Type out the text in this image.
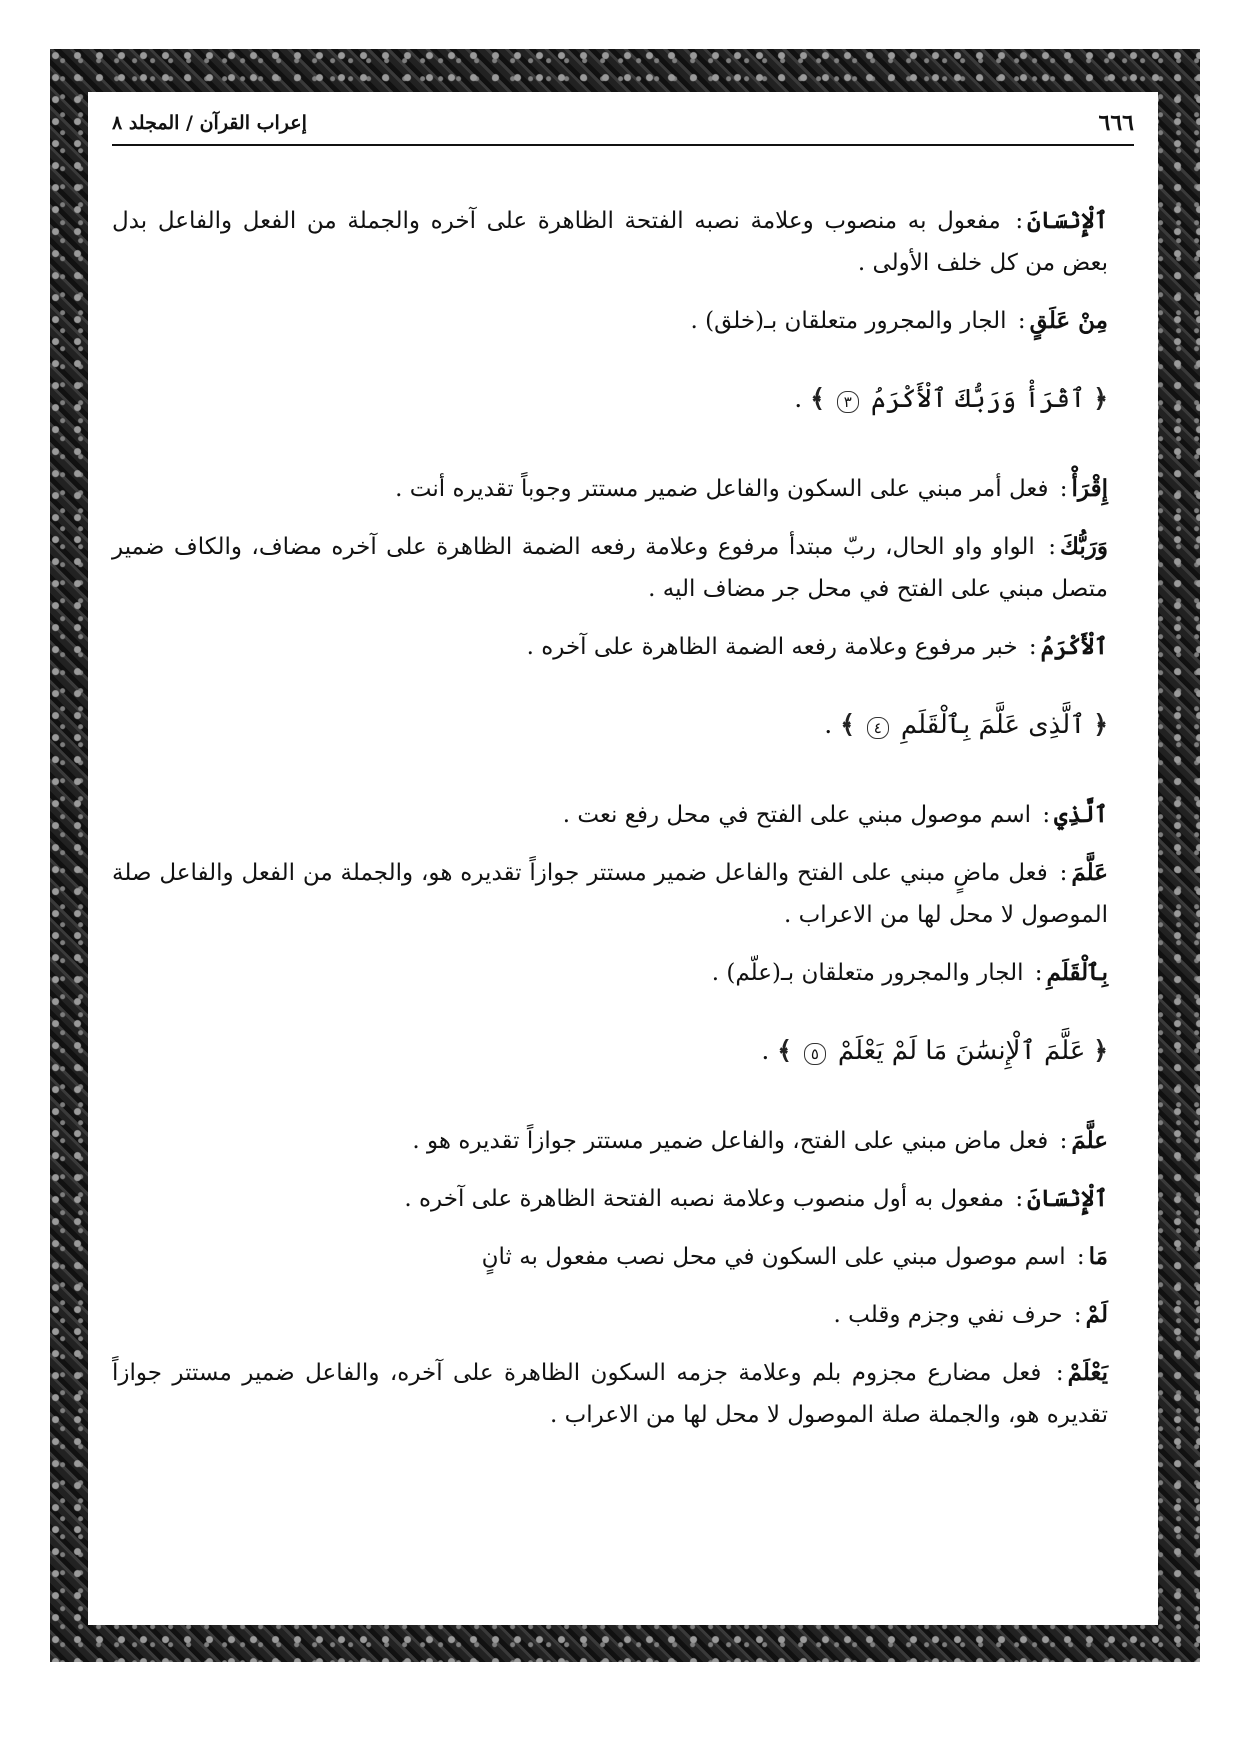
٦٦٦
إعراب القرآن / المجلد ٨

ٱلْإِنْسَانَ: مفعول به منصوب وعلامة نصبه الفتحة الظاهرة على آخره والجملة من الفعل والفاعل بدل بعض من كل خلف الأولى .

مِنْ عَلَقٍ: الجار والمجرور متعلقان بـ(خلق) .

﴿ ٱقْرَأْ وَرَبُّكَ ٱلْأَكْرَمُ ٣ ﴾ .

إِقْرَأْ: فعل أمر مبني على السكون والفاعل ضمير مستتر وجوباً تقديره أنت .

وَرَبُّكَ: الواو واو الحال، ربّ مبتدأ مرفوع وعلامة رفعه الضمة الظاهرة على آخره مضاف، والكاف ضمير متصل مبني على الفتح في محل جر مضاف اليه .

ٱلْأَكْرَمُ: خبر مرفوع وعلامة رفعه الضمة الظاهرة على آخره .

﴿ ٱلَّذِى عَلَّمَ بِٱلْقَلَمِ ٤ ﴾ .

ٱلَّذِي: اسم موصول مبني على الفتح في محل رفع نعت .

عَلَّمَ: فعل ماضٍ مبني على الفتح والفاعل ضمير مستتر جوازاً تقديره هو، والجملة من الفعل والفاعل صلة الموصول لا محل لها من الاعراب .

بِٱلْقَلَمِ: الجار والمجرور متعلقان بـ(علّم) .

﴿ عَلَّمَ ٱلْإِنسَٰنَ مَا لَمْ يَعْلَمْ ٥ ﴾ .

علَّمَ: فعل ماض مبني على الفتح، والفاعل ضمير مستتر جوازاً تقديره هو .

ٱلْإِنْسَانَ: مفعول به أول منصوب وعلامة نصبه الفتحة الظاهرة على آخره .

مَا: اسم موصول مبني على السكون في محل نصب مفعول به ثانٍ

لَمْ: حرف نفي وجزم وقلب .

يَعْلَمْ: فعل مضارع مجزوم بلم وعلامة جزمه السكون الظاهرة على آخره، والفاعل ضمير مستتر جوازاً تقديره هو، والجملة صلة الموصول لا محل لها من الاعراب .
